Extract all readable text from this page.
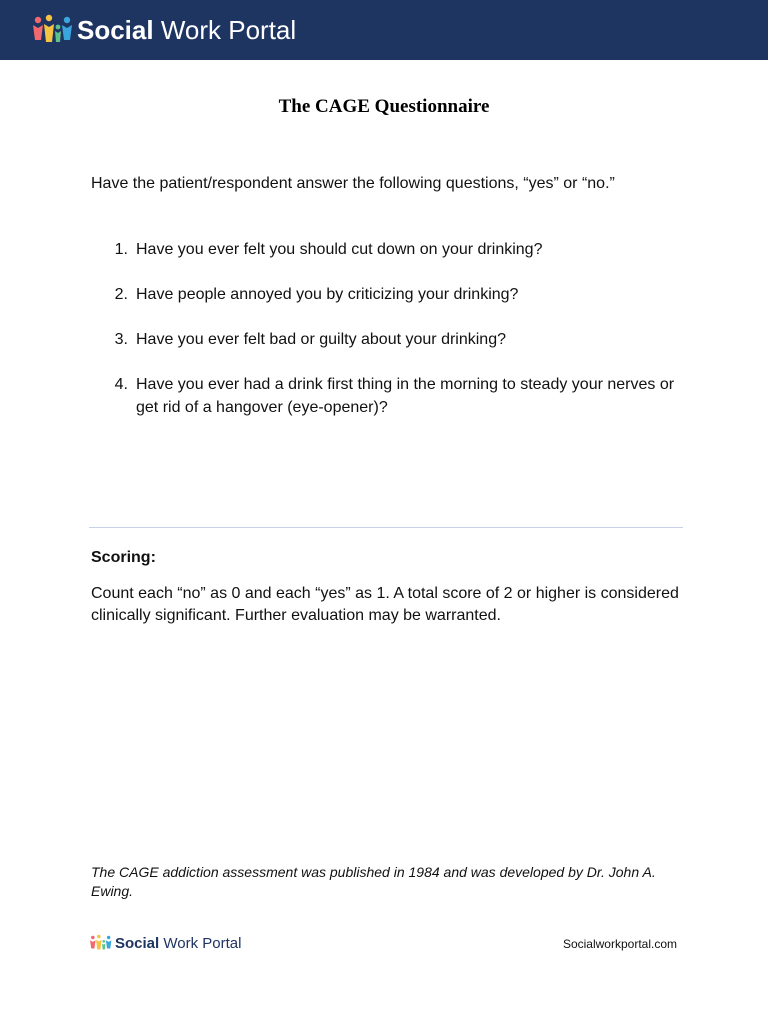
Social Work Portal
The CAGE Questionnaire

Have the patient/respondent answer the following questions, “yes” or “no.”

1. Have you ever felt you should cut down on your drinking?
2. Have people annoyed you by criticizing your drinking?
3. Have you ever felt bad or guilty about your drinking?
4. Have you ever had a drink first thing in the morning to steady your nerves or get rid of a hangover (eye-opener)?
Scoring:

Count each “no” as 0 and each “yes” as 1. A total score of 2 or higher is considered clinically significant. Further evaluation may be warranted.

The CAGE addiction assessment was published in 1984 and was developed by Dr. John A. Ewing.

Social Work Portal	Socialworkportal.com
